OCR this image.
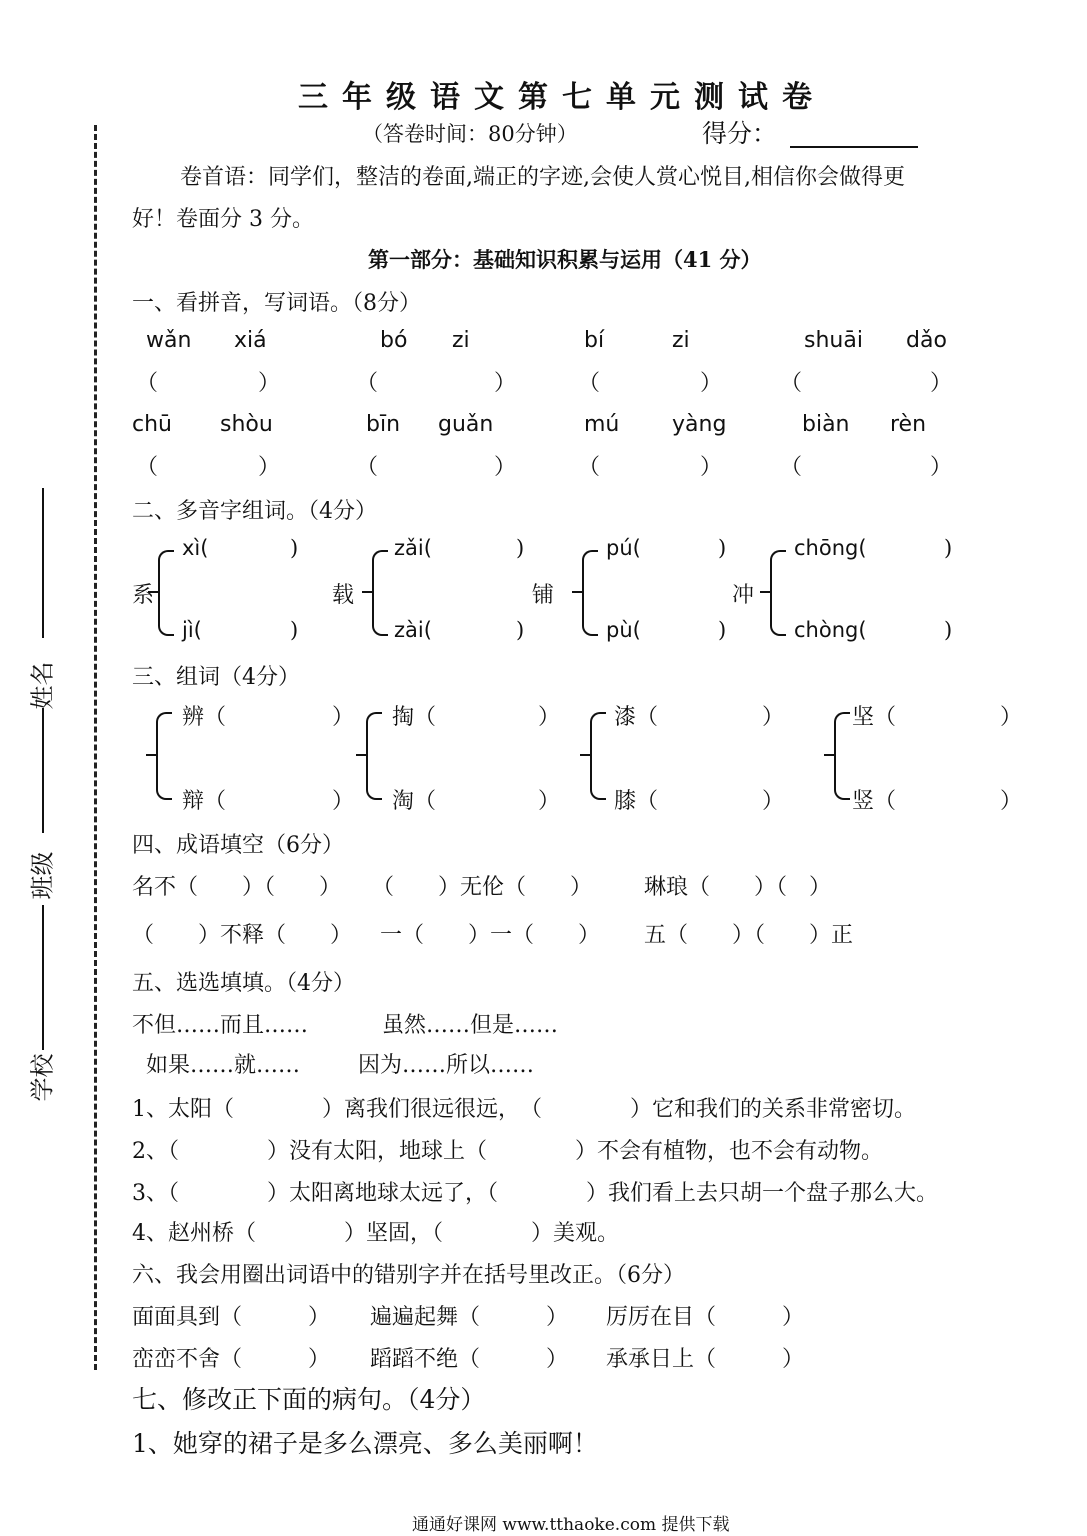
三年级语文第七单元测试卷
（答卷时间：80分钟）	得分：
姓名
班级
学校
卷首语：同学们，整洁的卷面,端正的字迹,会使人赏心悦目,相信你会做得更
好！卷面分 3 分。
第一部分：基础知识积累与运用（41 分）
一、看拼音，写词语。（8分）
wǎn xiá	bó zi	bí	zi	shuāi dǎo
（	）	（	）	（	）	（	）
chū shòu	bīn guǎn	mú yàng	biàn rèn
（	）	（	）	（	）	（	）
二、多音字组词。（4分）
系
xì(	)
jì(	)
载
zǎi(	)
zài(	)
铺
pú(	)
pù(	)
冲
chōng(	)
chòng(	)
三、组词（4分）
辨（	）
辩（	）
掏（	）
淘（	）
漆（	）
膝（	）
坚（	）
竖（	）
四、成语填空（6分）
名不（　　）（　　） （　　）无伦（　　） 琳琅（　　）（　）
（　　）不释（　　） 一（　　）一（　　） 五（　　）（　　）正
五、选选填填。（4分）
不但……而且……	虽然……但是……
如果……就……	因为……所以……
1、太阳（　　　　）离我们很远很远，　（　　　　）它和我们的关系非常密切。
2、（　　　　）没有太阳，地球上（　　　　）不会有植物，也不会有动物。
3、（　　　　）太阳离地球太远了，（　　　　）我们看上去只胡一个盘子那么大。
4、赵州桥（　　　　）坚固，（　　　　）美观。
六、我会用圈出词语中的错别字并在括号里改正。（6分）
面面具到（　　　） 遍遍起舞（　　　） 厉厉在目（　　　）
峦峦不舍（　　　） 蹈蹈不绝（　　　） 承承日上（　　　）
七、修改正下面的病句。（4分）
1、她穿的裙子是多么漂亮、多么美丽啊！
通通好课网 www.tthaoke.com 提供下载
